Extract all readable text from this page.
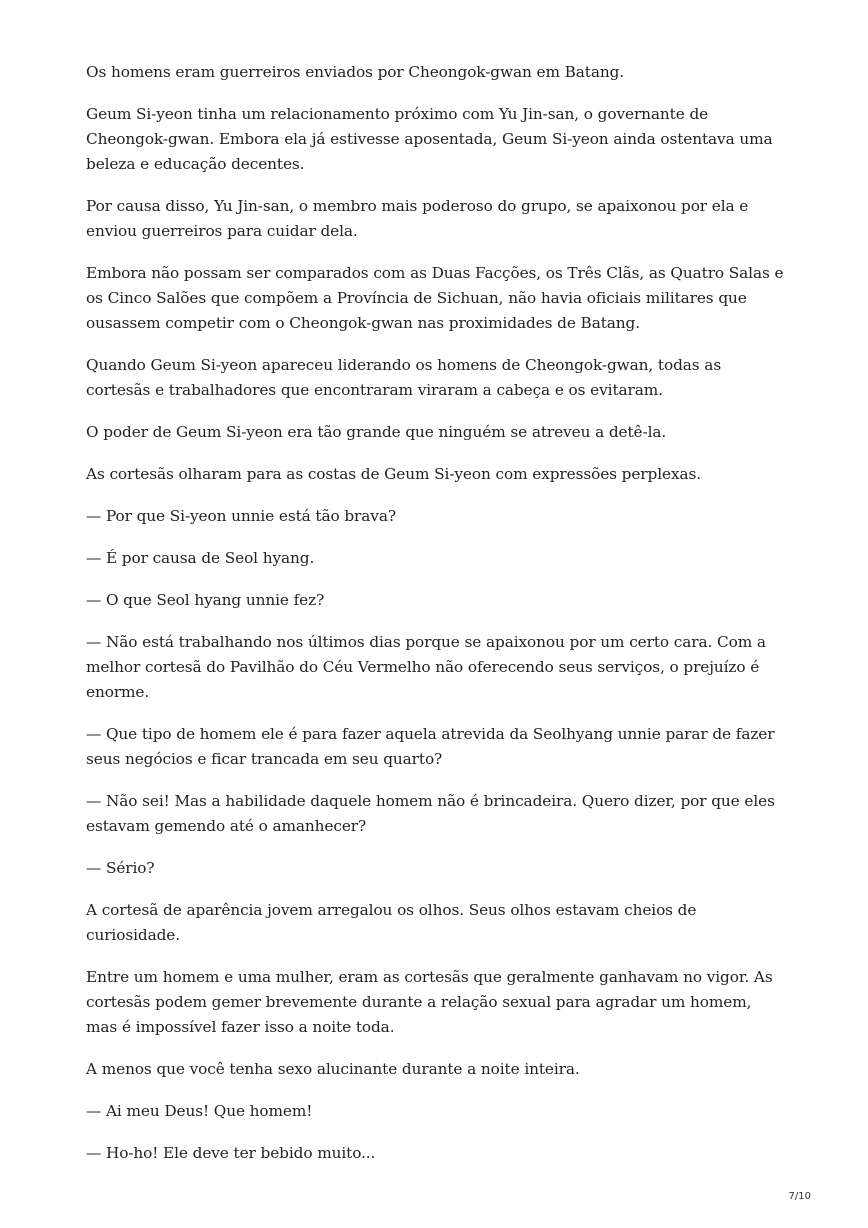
Os homens eram guerreiros enviados por Cheongok-gwan em Batang.

Geum Si-yeon tinha um relacionamento próximo com Yu Jin-san, o governante de Cheongok-gwan. Embora ela já estivesse aposentada, Geum Si-yeon ainda ostentava uma beleza e educação decentes.

Por causa disso, Yu Jin-san, o membro mais poderoso do grupo, se apaixonou por ela e enviou guerreiros para cuidar dela.

Embora não possam ser comparados com as Duas Facções, os Três Clãs, as Quatro Salas e os Cinco Salões que compõem a Província de Sichuan, não havia oficiais militares que ousassem competir com o Cheongok-gwan nas proximidades de Batang.

Quando Geum Si-yeon apareceu liderando os homens de Cheongok-gwan, todas as cortesãs e trabalhadores que encontraram viraram a cabeça e os evitaram.

O poder de Geum Si-yeon era tão grande que ninguém se atreveu a detê-la.

As cortesãs olharam para as costas de Geum Si-yeon com expressões perplexas.

— Por que Si-yeon unnie está tão brava?

— É por causa de Seol hyang.

— O que Seol hyang unnie fez?

— Não está trabalhando nos últimos dias porque se apaixonou por um certo cara. Com a melhor cortesã do Pavilhão do Céu Vermelho não oferecendo seus serviços, o prejuízo é enorme.

— Que tipo de homem ele é para fazer aquela atrevida da Seolhyang unnie parar de fazer seus negócios e ficar trancada em seu quarto?

— Não sei! Mas a habilidade daquele homem não é brincadeira. Quero dizer, por que eles estavam gemendo até o amanhecer?

— Sério?

A cortesã de aparência jovem arregalou os olhos. Seus olhos estavam cheios de curiosidade.

Entre um homem e uma mulher, eram as cortesãs que geralmente ganhavam no vigor. As cortesãs podem gemer brevemente durante a relação sexual para agradar um homem, mas é impossível fazer isso a noite toda.

A menos que você tenha sexo alucinante durante a noite inteira.

— Ai meu Deus! Que homem!

— Ho-ho! Ele deve ter bebido muito...

7/10
